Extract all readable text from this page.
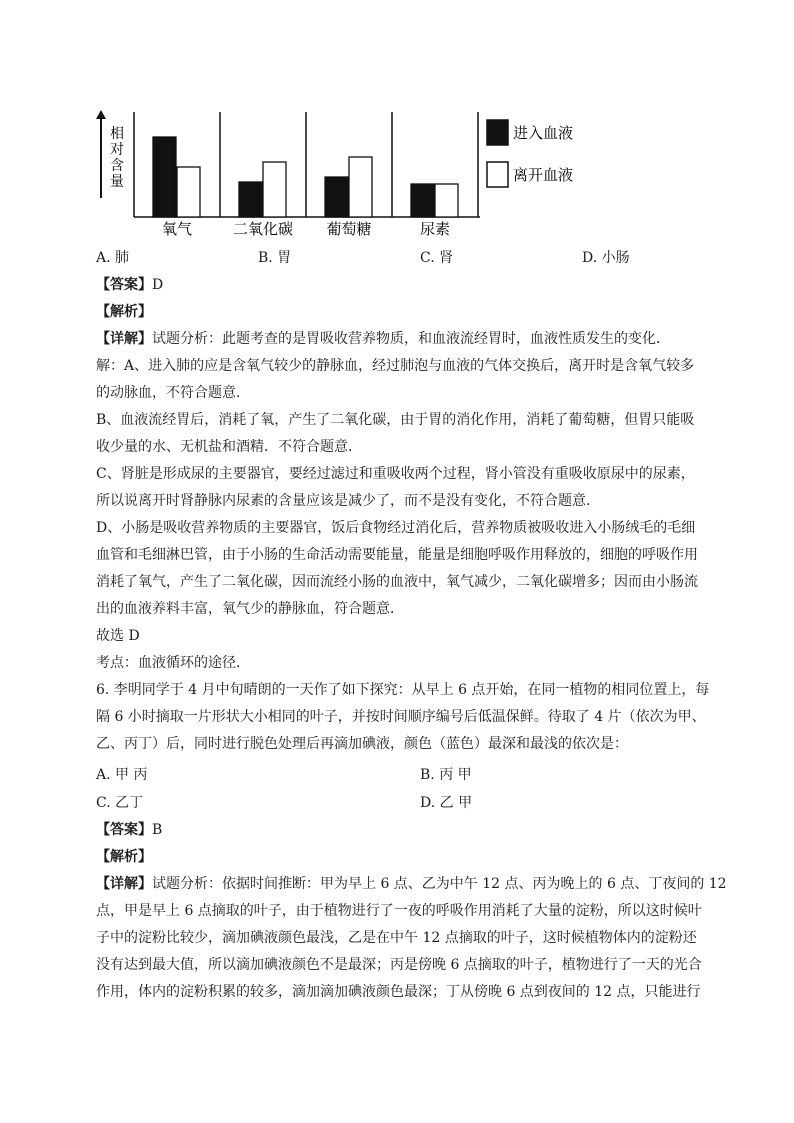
相
对
含
量
氧气	二氧化碳 葡萄糖	尿素
进入血液
离开血液
A. 肺	B. 胃	C. 肾	D. 小肠
【答案】D
【解析】
【详解】试题分析：此题考查的是胃吸收营养物质，和血液流经胃时，血液性质发生的变化．
解：A、进入肺的应是含氧气较少的静脉血，经过肺泡与血液的气体交换后，离开时是含氧气较多
的动脉血，不符合题意．
B、血液流经胃后，消耗了氧，产生了二氧化碳，由于胃的消化作用，消耗了葡萄糖，但胃只能吸
收少量的水、无机盐和酒精．不符合题意．
C、肾脏是形成尿的主要器官，要经过滤过和重吸收两个过程，肾小管没有重吸收原尿中的尿素，
所以说离开时肾静脉内尿素的含量应该是减少了，而不是没有变化，不符合题意．
D、小肠是吸收营养物质的主要器官，饭后食物经过消化后，营养物质被吸收进入小肠绒毛的毛细
血管和毛细淋巴管，由于小肠的生命活动需要能量，能量是细胞呼吸作用释放的，细胞的呼吸作用
消耗了氧气，产生了二氧化碳，因而流经小肠的血液中，氧气减少，二氧化碳增多；因而由小肠流
出的血液养料丰富，氧气少的静脉血，符合题意．
故选 D
考点：血液循环的途径．
6. 李明同学于 4 月中旬晴朗的一天作了如下探究：从早上 6 点开始，在同一植物的相同位置上，每
隔 6 小时摘取一片形状大小相同的叶子，并按时间顺序编号后低温保鲜。待取了 4 片（依次为甲、
乙、丙丁）后，同时进行脱色处理后再滴加碘液，颜色（蓝色）最深和最浅的依次是：
A. 甲 丙	B. 丙 甲
C. 乙丁	D. 乙 甲
【答案】B
【解析】
【详解】试题分析：依据时间推断：甲为早上 6 点、乙为中午 12 点、丙为晚上的 6 点、丁夜间的 12
点，甲是早上 6 点摘取的叶子，由于植物进行了一夜的呼吸作用消耗了大量的淀粉，所以这时候叶
子中的淀粉比较少，滴加碘液颜色最浅，乙是在中午 12 点摘取的叶子，这时候植物体内的淀粉还
没有达到最大值，所以滴加碘液颜色不是最深；丙是傍晚 6 点摘取的叶子，植物进行了一天的光合
作用，体内的淀粉积累的较多，滴加滴加碘液颜色最深；丁从傍晚 6 点到夜间的 12 点，只能进行
